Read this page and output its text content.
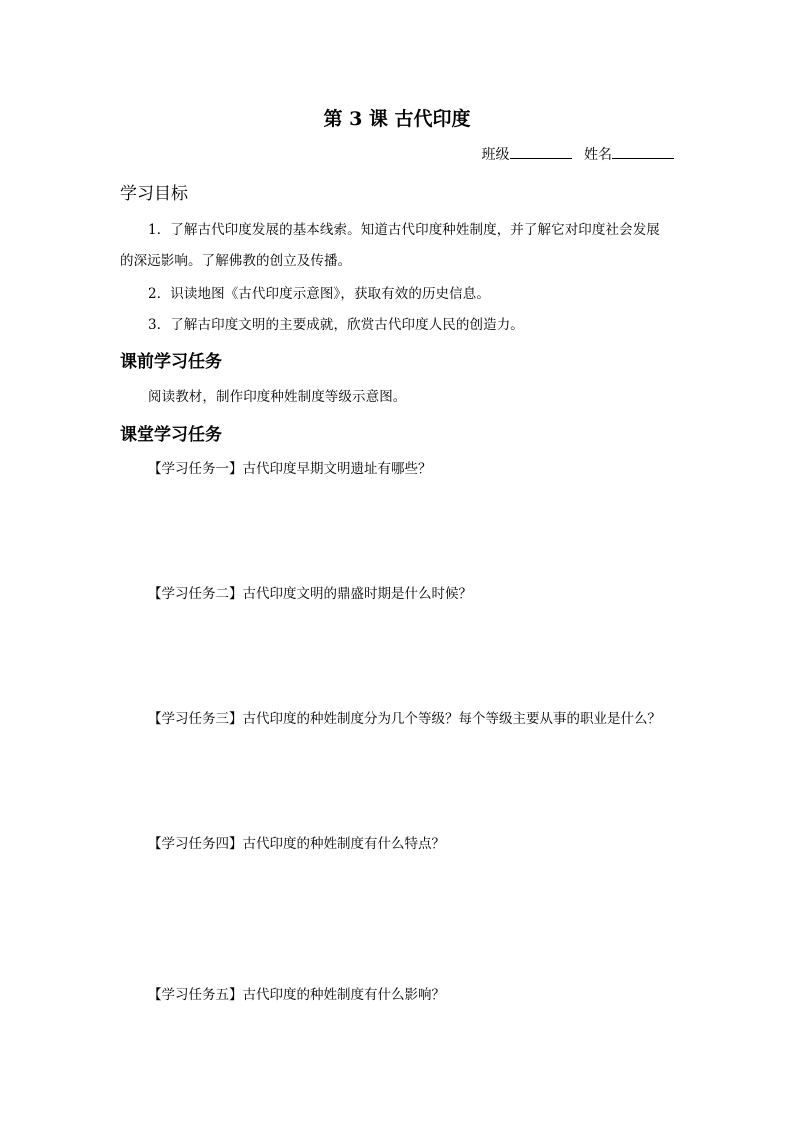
第 3 课 古代印度
班级	姓名
学习目标
1．了解古代印度发展的基本线索。知道古代印度种姓制度，并了解它对印度社会发展
的深远影响。了解佛教的创立及传播。
2．识读地图《古代印度示意图》，获取有效的历史信息。
3．了解古印度文明的主要成就，欣赏古代印度人民的创造力。
课前学习任务
阅读教材，制作印度种姓制度等级示意图。
课堂学习任务
【学习任务一】古代印度早期文明遗址有哪些？
【学习任务二】古代印度文明的鼎盛时期是什么时候？
【学习任务三】古代印度的种姓制度分为几个等级？每个等级主要从事的职业是什么？
【学习任务四】古代印度的种姓制度有什么特点？
【学习任务五】古代印度的种姓制度有什么影响？
